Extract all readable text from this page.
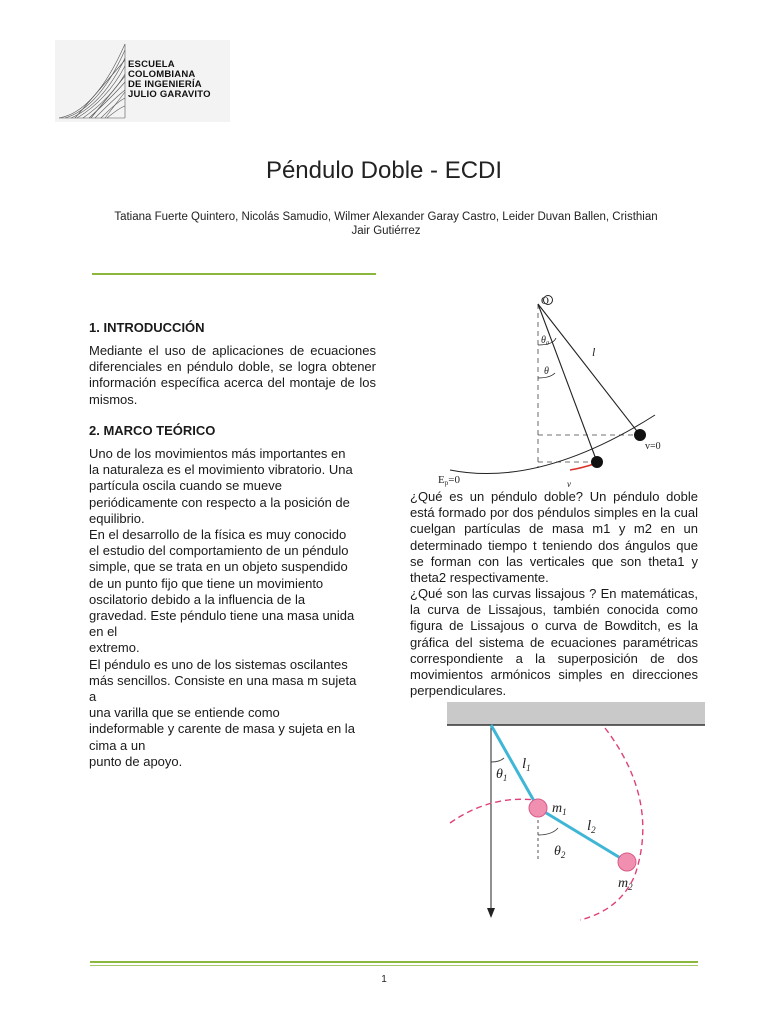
ESCUELA
COLOMBIANA
DE INGENIERÍA
JULIO GARAVITO
Péndulo Doble - ECDI
Tatiana Fuerte Quintero, Nicolás Samudio, Wilmer Alexander Garay Castro, Leider Duvan Ballen, Cristhian
Jair Gutiérrez
1. INTRODUCCIÓN
Mediante el uso de aplicaciones de ecuaciones diferenciales en péndulo doble, se logra obtener información específica acerca del montaje de los mismos.
2. MARCO TEÓRICO
Uno de los movimientos más importantes en
la naturaleza es el movimiento vibratorio. Una
partícula oscila cuando se mueve
periódicamente con respecto a la posición de
equilibrio.
En el desarrollo de la física es muy conocido
el estudio del comportamiento de un péndulo
simple, que se trata en un objeto suspendido
de un punto fijo que tiene un movimiento
oscilatorio debido a la influencia de la
gravedad. Este péndulo tiene una masa unida
en el
extremo.
El péndulo es uno de los sistemas oscilantes
más sencillos. Consiste en una masa m sujeta
a
una varilla que se entiende como
indeformable y carente de masa y sujeta en la
cima a un
punto de apoyo.
O
θ₀
θ
l
v=0
Ep=0	v
¿Qué es un péndulo doble? Un péndulo doble está formado por dos péndulos simples en la cual cuelgan partículas de masa m1 y m2 en un determinado tiempo t teniendo dos ángulos que se forman con las verticales que son theta1 y theta2 respectivamente.
¿Qué son las curvas lissajous ? En matemáticas, la curva de Lissajous, también conocida como figura de Lissajous o curva de Bowditch, es la gráfica del sistema de ecuaciones paramétricas correspondiente a la superposición de dos movimientos armónicos simples en direcciones perpendiculares.
$\theta_1$
$l_1$
$m_1$
$l_2$
$\theta_2$
$m_2$
1
